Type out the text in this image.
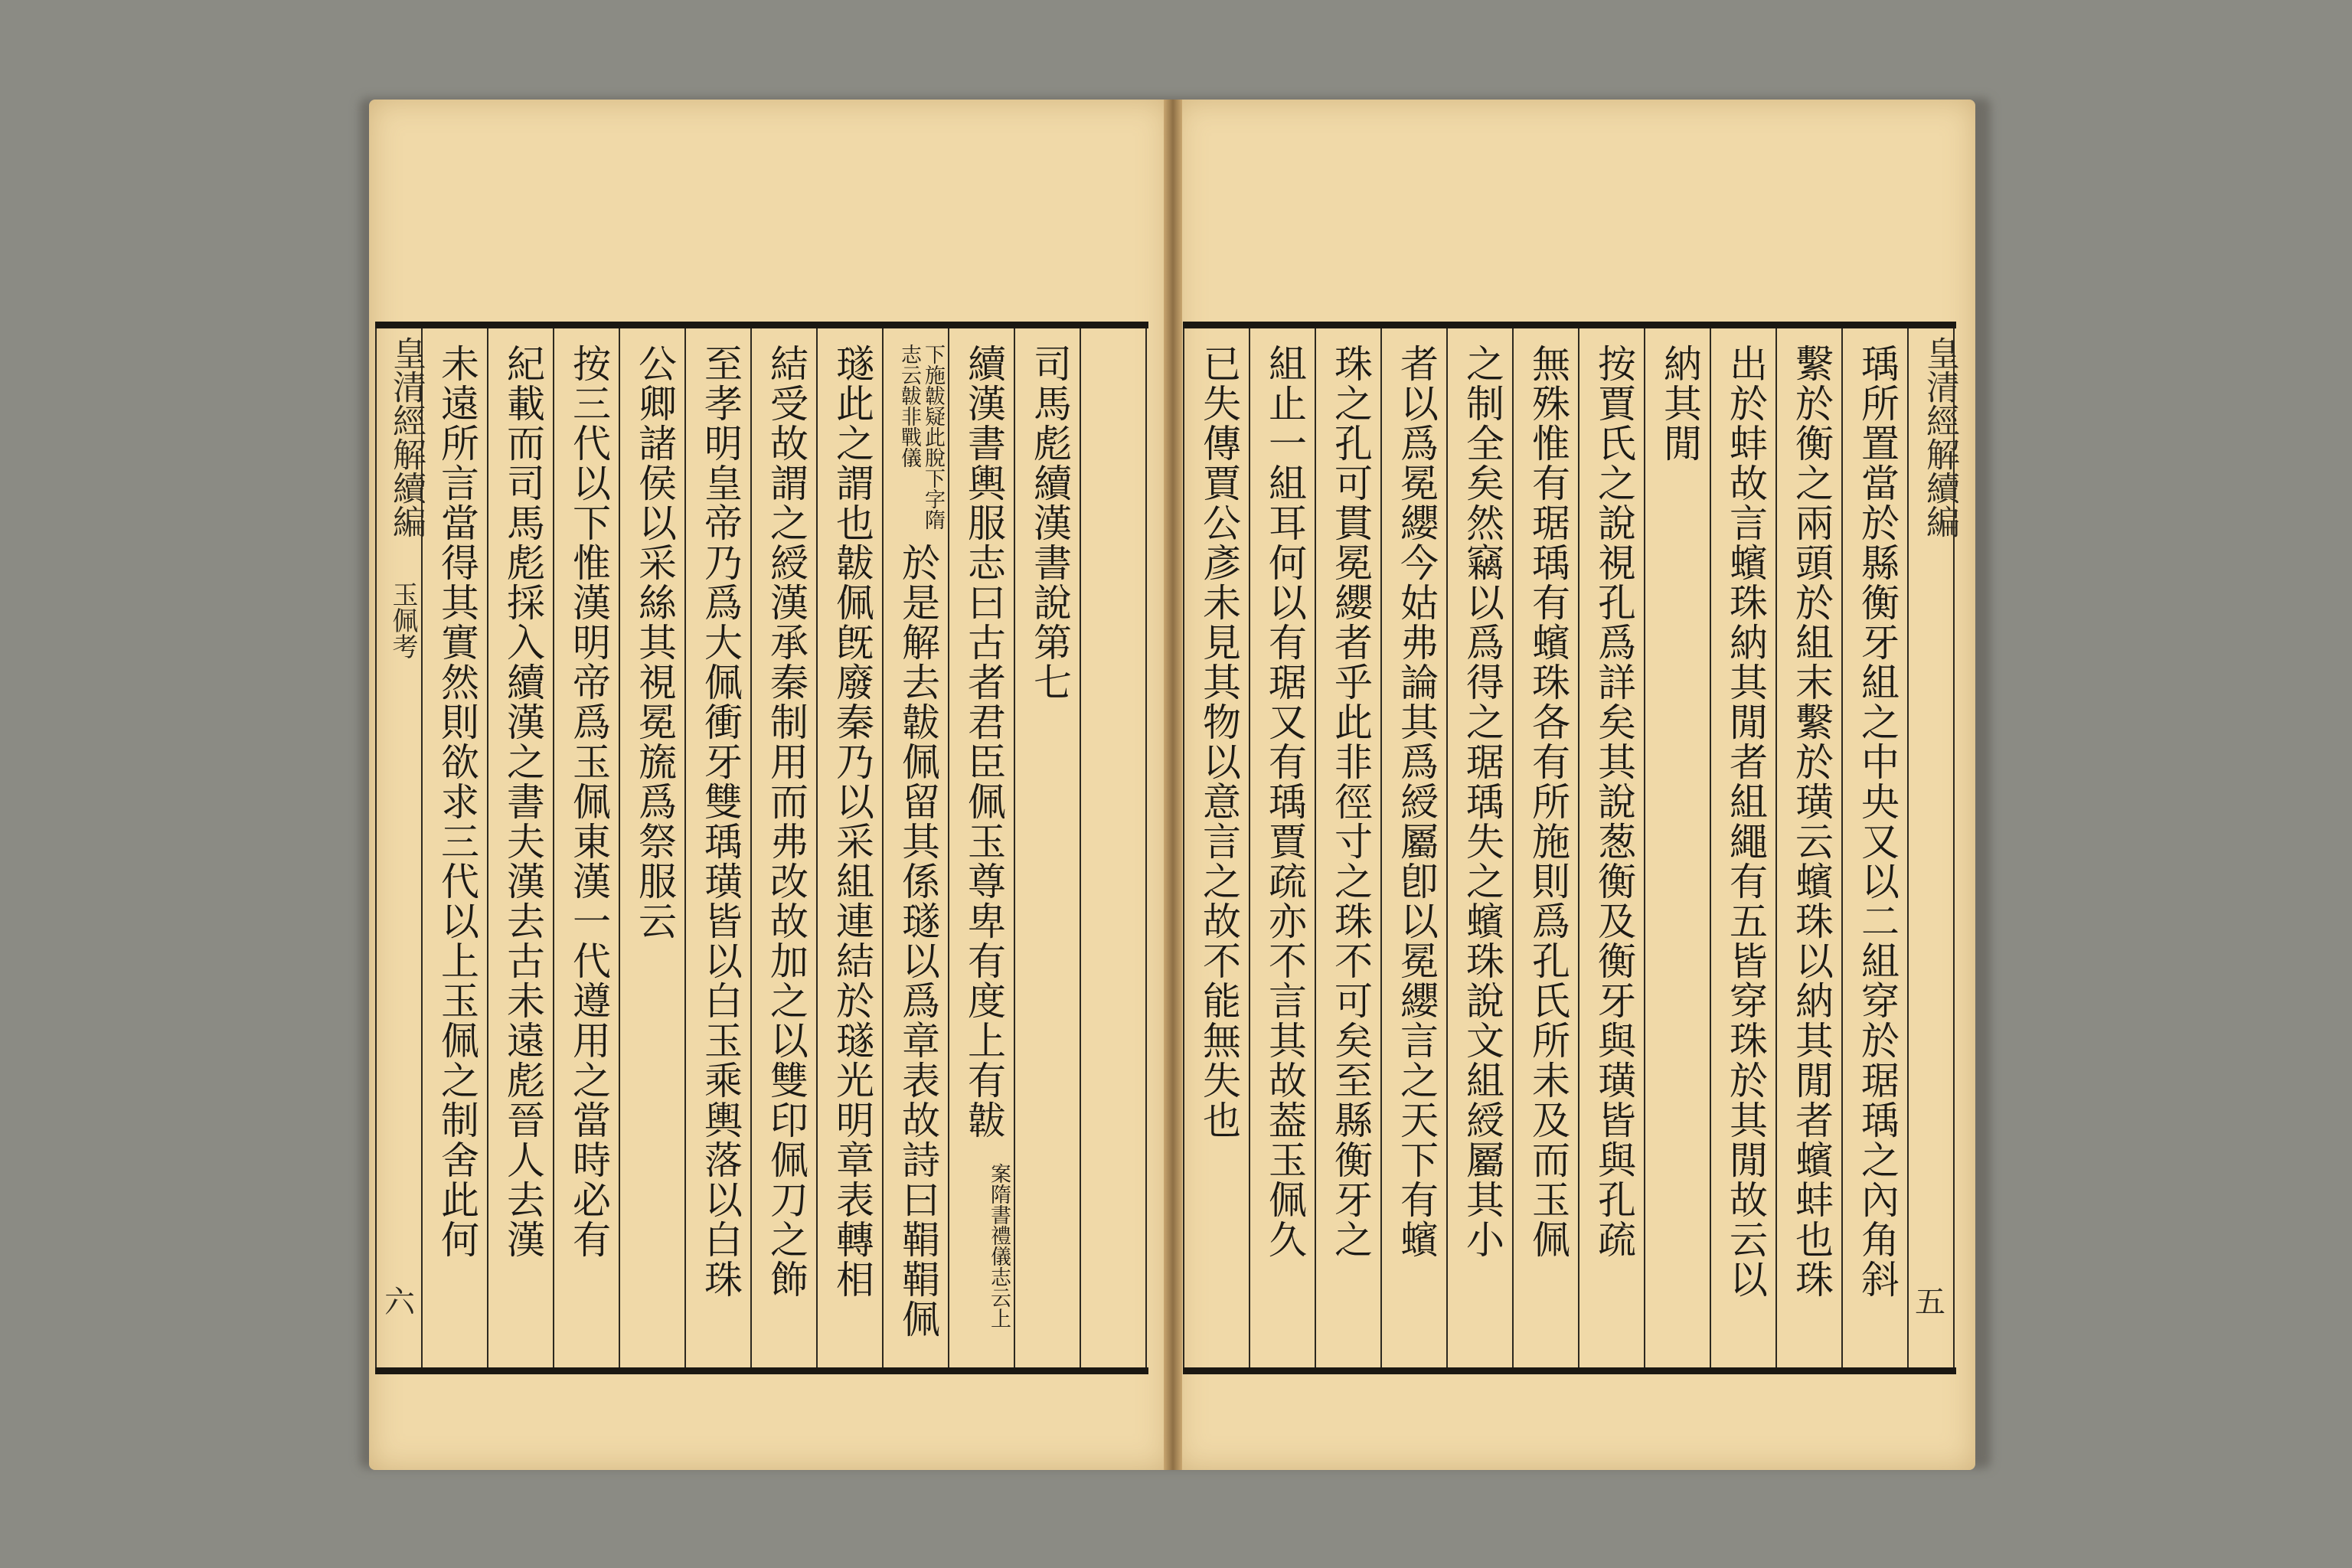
皇清經解續編
玉佩考
六
未遠所言當得其實然則欲求三代以上玉佩之制舍此何 紀載而司馬彪採入續漢之書夫漢去古未遠彪晉人去漢 按三代以下惟漢明帝爲玉佩東漢一代遵用之當時必有 公卿諸侯以采絲其視冕旒爲祭服云 至孝明皇帝乃爲大佩衝牙雙瑀璜皆以白玉乘輿落以白珠 結受故謂之綬漢承秦制用而弗改故加之以雙印佩刀之飾 璲此之謂也韍佩旣廢秦乃以采組連結於璲光明章表轉相 於是解去韍佩留其係璲以爲章表故詩曰鞙鞙佩
下施韍疑此脫下字隋志云韍非戰儀	續漢書輿服志曰古者君臣佩玉尊卑有度上有韍
案隋書禮儀志云上
司馬彪續漢書說第七	已失傳賈公彥未見其物以意言之故不能無失也 組止一組耳何以有琚又有瑀賈疏亦不言其故葢玉佩久 珠之孔可貫冕纓者乎此非徑寸之珠不可矣至縣衡牙之 者以爲冕纓今姑弗論其爲綬屬卽以冕纓言之天下有蠙 之制全矣然竊以爲得之琚瑀失之蠙珠說文組綬屬其小 無殊惟有琚瑀有蠙珠各有所施則爲孔氏所未及而玉佩 按賈氏之說視孔爲詳矣其說葱衡及衡牙與璜皆與孔疏 納其閒 出於蚌故言蠙珠納其閒者組繩有五皆穿珠於其閒故云以 繫於衡之兩頭於組末繫於璜云蠙珠以納其閒者蠙蚌也珠 瑀所置當於縣衡牙組之中央又以二組穿於琚瑀之內角斜 皇清經解續編
五
